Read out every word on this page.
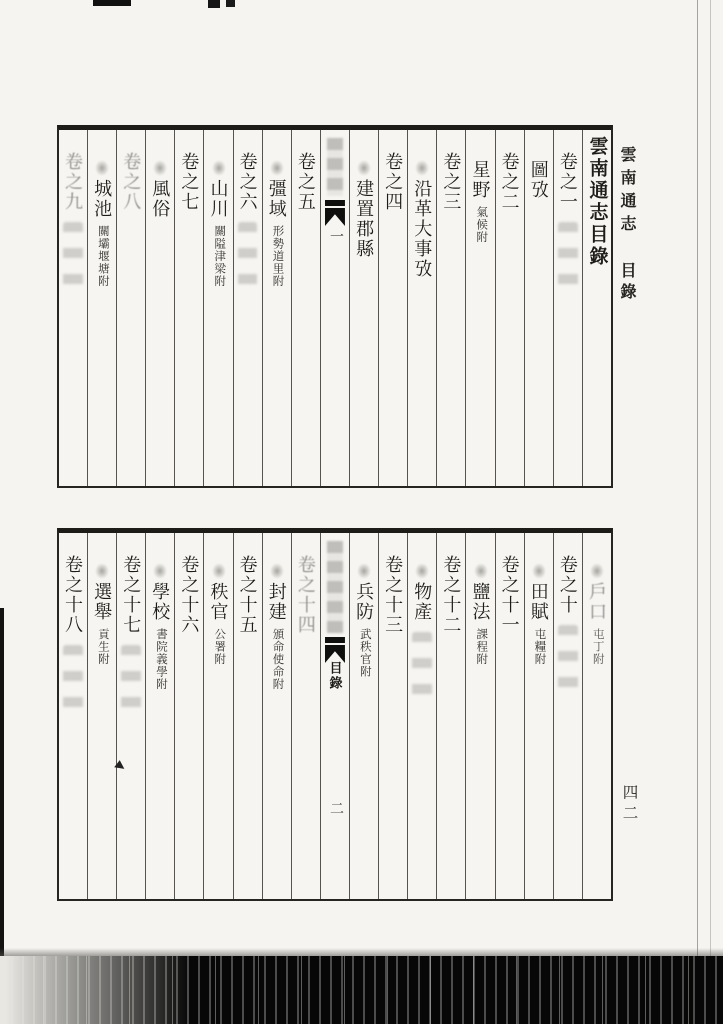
雲南通志目錄
卷之一
圖攷
卷之二
星野
氣候附
卷之三
沿革大事攷
卷之四
建置郡縣
一
卷之五
彊域
形勢道里附
卷之六
山川
關隘津梁附
卷之七
風俗
卷之八
城池
關壩堰塘附
卷之九
戶口
屯丁附
卷之十
田賦
屯糧附
卷之十一
鹽法
課程附
卷之十二
物產
卷之十三
兵防
武秩官附
目錄
二
卷之十四
封建
頒命使命附
卷之十五
秩官
公署附
卷之十六
學校
書院義學附
卷之十七
選舉
貢生附
卷之十八
雲南通志
目錄
四二
